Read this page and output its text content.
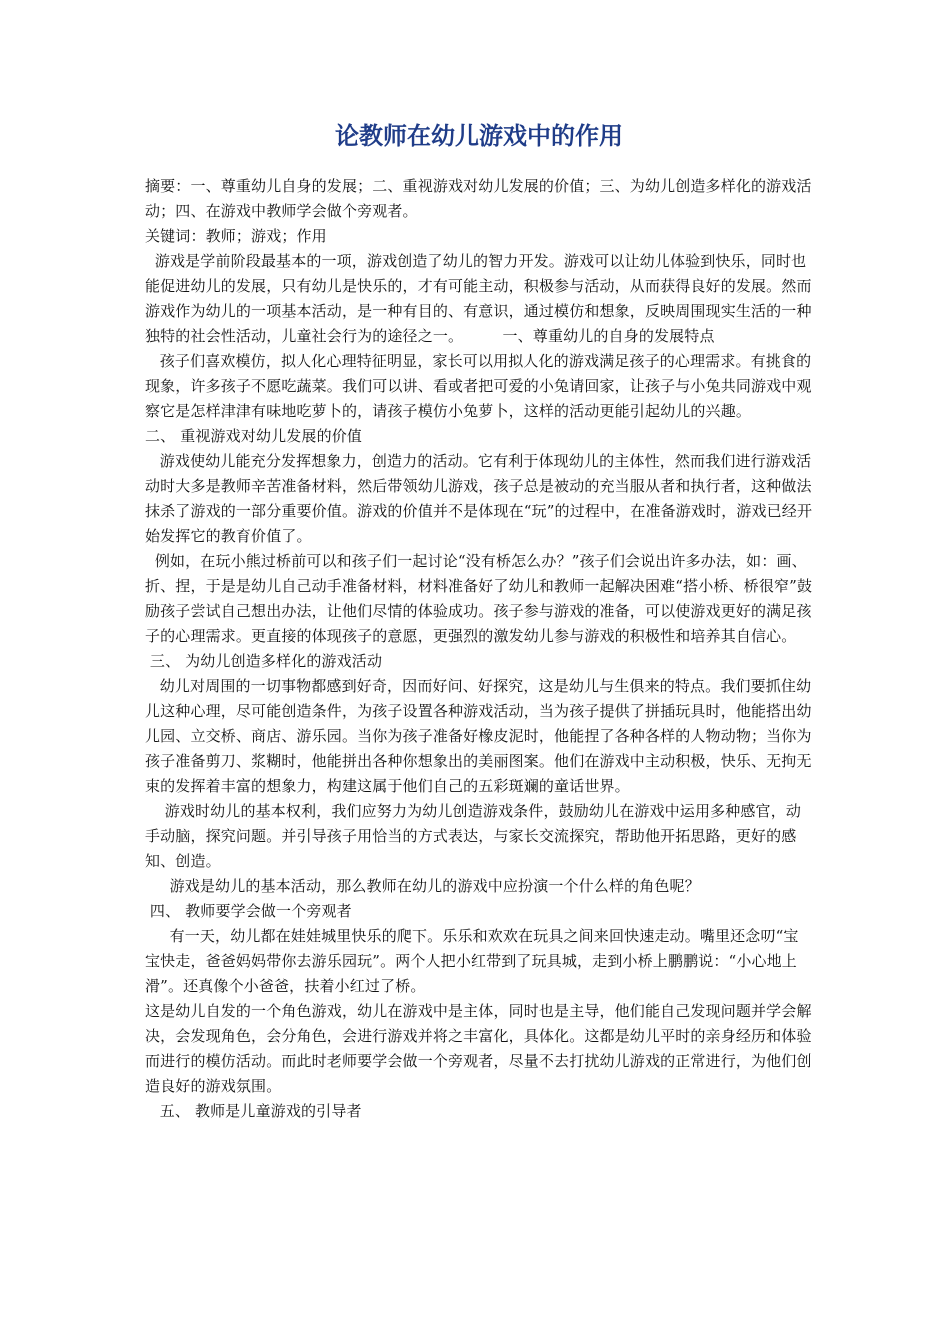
论教师在幼儿游戏中的作用
摘要：一、尊重幼儿自身的发展；二、重视游戏对幼儿发展的价值；三、为幼儿创造多样化的游戏活动；四、在游戏中教师学会做个旁观者。
关键词：教师；游戏；作用
游戏是学前阶段最基本的一项，游戏创造了幼儿的智力开发。游戏可以让幼儿体验到快乐，同时也能促进幼儿的发展，只有幼儿是快乐的，才有可能主动，积极参与活动，从而获得良好的发展。然而游戏作为幼儿的一项基本活动，是一种有目的、有意识，通过模仿和想象，反映周围现实生活的一种独特的社会性活动，儿童社会行为的途径之一。        一、尊重幼儿的自身的发展特点
孩子们喜欢模仿，拟人化心理特征明显，家长可以用拟人化的游戏满足孩子的心理需求。有挑食的现象，许多孩子不愿吃蔬菜。我们可以讲、看或者把可爱的小兔请回家，让孩子与小兔共同游戏中观察它是怎样津津有味地吃萝卜的，请孩子模仿小兔萝卜，这样的活动更能引起幼儿的兴趣。
二、 重视游戏对幼儿发展的价值
游戏使幼儿能充分发挥想象力，创造力的活动。它有利于体现幼儿的主体性，然而我们进行游戏活动时大多是教师辛苦准备材料，然后带领幼儿游戏，孩子总是被动的充当服从者和执行者，这种做法抹杀了游戏的一部分重要价值。游戏的价值并不是体现在“玩”的过程中，在准备游戏时，游戏已经开始发挥它的教育价值了。
例如，在玩小熊过桥前可以和孩子们一起讨论“没有桥怎么办？”孩子们会说出许多办法，如：画、折、捏，于是是幼儿自己动手准备材料，材料准备好了幼儿和教师一起解决困难“搭小桥、桥很窄”鼓励孩子尝试自己想出办法，让他们尽情的体验成功。孩子参与游戏的准备，可以使游戏更好的满足孩子的心理需求。更直接的体现孩子的意愿，更强烈的激发幼儿参与游戏的积极性和培养其自信心。
三、 为幼儿创造多样化的游戏活动
幼儿对周围的一切事物都感到好奇，因而好问、好探究，这是幼儿与生俱来的特点。我们要抓住幼儿这种心理，尽可能创造条件，为孩子设置各种游戏活动，当为孩子提供了拼插玩具时，他能搭出幼儿园、立交桥、商店、游乐园。当你为孩子准备好橡皮泥时，他能捏了各种各样的人物动物；当你为孩子准备剪刀、浆糊时，他能拼出各种你想象出的美丽图案。他们在游戏中主动积极，快乐、无拘无束的发挥着丰富的想象力，构建这属于他们自己的五彩斑斓的童话世界。
游戏时幼儿的基本权利，我们应努力为幼儿创造游戏条件，鼓励幼儿在游戏中运用多种感官，动手动脑，探究问题。并引导孩子用恰当的方式表达，与家长交流探究，帮助他开拓思路，更好的感知、创造。
游戏是幼儿的基本活动，那么教师在幼儿的游戏中应扮演一个什么样的角色呢？
四、 教师要学会做一个旁观者
有一天，幼儿都在娃娃城里快乐的爬下。乐乐和欢欢在玩具之间来回快速走动。嘴里还念叨“宝宝快走，爸爸妈妈带你去游乐园玩”。两个人把小红带到了玩具城，走到小桥上鹏鹏说：“小心地上滑”。还真像个小爸爸，扶着小红过了桥。
这是幼儿自发的一个角色游戏，幼儿在游戏中是主体，同时也是主导，他们能自己发现问题并学会解决，会发现角色，会分角色，会进行游戏并将之丰富化，具体化。这都是幼儿平时的亲身经历和体验而进行的模仿活动。而此时老师要学会做一个旁观者，尽量不去打扰幼儿游戏的正常进行，为他们创造良好的游戏氛围。
五、 教师是儿童游戏的引导者
